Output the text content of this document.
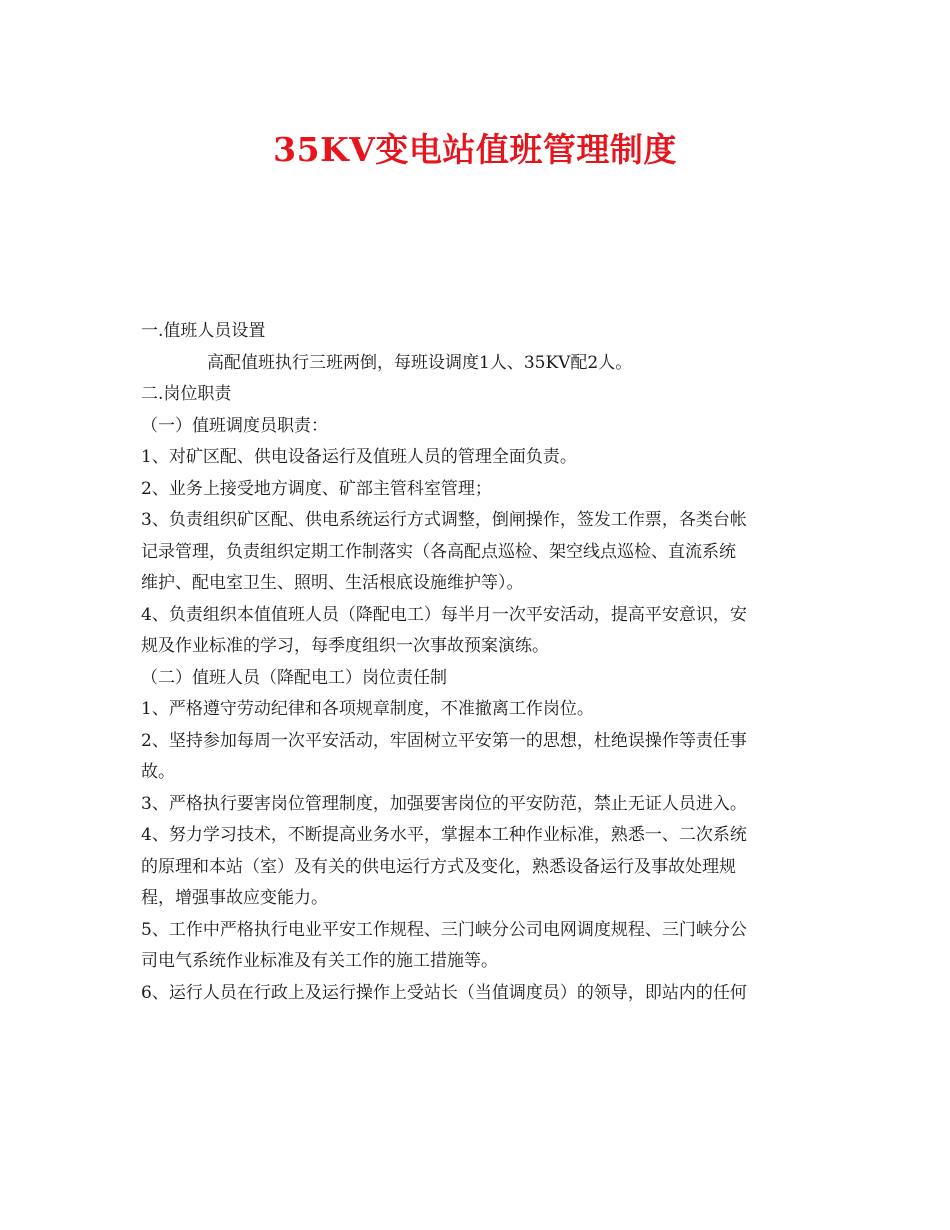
35KV变电站值班管理制度
一.值班人员设置
高配值班执行三班两倒，每班设调度1人、35KV配2人。
二.岗位职责
（一）值班调度员职责：
1、对矿区配、供电设备运行及值班人员的管理全面负责。
2、业务上接受地方调度、矿部主管科室管理；
3、负责组织矿区配、供电系统运行方式调整，倒闸操作，签发工作票，各类台帐
记录管理，负责组织定期工作制落实（各高配点巡检、架空线点巡检、直流系统
维护、配电室卫生、照明、生活根底设施维护等）。
4、负责组织本值值班人员（降配电工）每半月一次平安活动，提高平安意识，安
规及作业标准的学习，每季度组织一次事故预案演练。
（二）值班人员（降配电工）岗位责任制
1、严格遵守劳动纪律和各项规章制度，不准撤离工作岗位。
2、坚持参加每周一次平安活动，牢固树立平安第一的思想，杜绝误操作等责任事
故。
3、严格执行要害岗位管理制度，加强要害岗位的平安防范，禁止无证人员进入。
4、努力学习技术，不断提高业务水平，掌握本工种作业标准，熟悉一、二次系统
的原理和本站（室）及有关的供电运行方式及变化，熟悉设备运行及事故处理规
程，增强事故应变能力。
5、工作中严格执行电业平安工作规程、三门峡分公司电网调度规程、三门峡分公
司电气系统作业标准及有关工作的施工措施等。
6、运行人员在行政上及运行操作上受站长（当值调度员）的领导，即站内的任何
